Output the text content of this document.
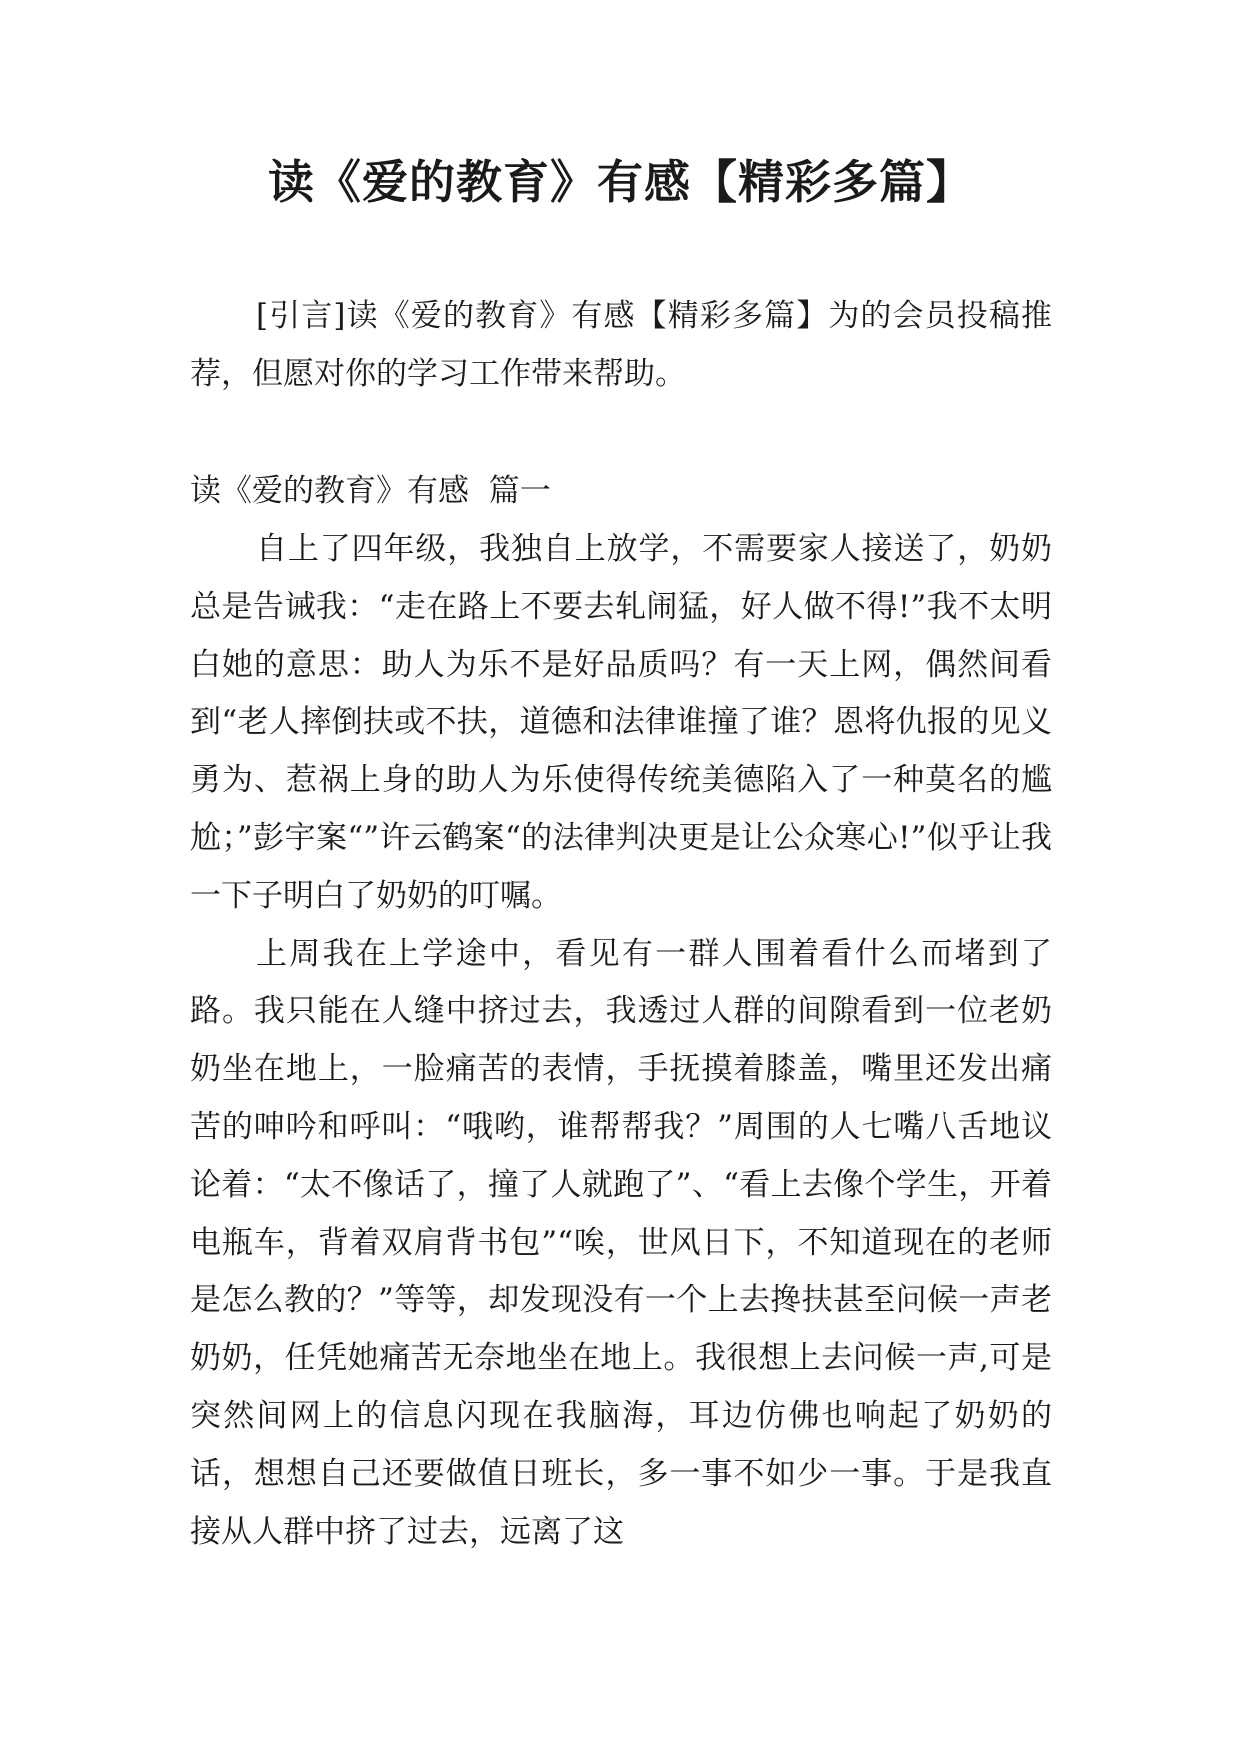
读《爱的教育》有感【精彩多篇】

[引言]读《爱的教育》有感【精彩多篇】为的会员投稿推荐，但愿对你的学习工作带来帮助。

读《爱的教育》有感  篇一

自上了四年级，我独自上放学，不需要家人接送了，奶奶总是告诫我：“走在路上不要去轧闹猛，好人做不得!”我不太明白她的意思：助人为乐不是好品质吗？有一天上网，偶然间看到“老人摔倒扶或不扶，道德和法律谁撞了谁？恩将仇报的见义勇为、惹祸上身的助人为乐使得传统美德陷入了一种莫名的尴尬；”彭宇案“”许云鹤案“的法律判决更是让公众寒心!”似乎让我一下子明白了奶奶的叮嘱。

上周我在上学途中，看见有一群人围着看什么而堵到了路。我只能在人缝中挤过去，我透过人群的间隙看到一位老奶奶坐在地上，一脸痛苦的表情，手抚摸着膝盖，嘴里还发出痛苦的呻吟和呼叫：“哦哟，谁帮帮我？”周围的人七嘴八舌地议论着：“太不像话了，撞了人就跑了”、“看上去像个学生，开着电瓶车，背着双肩背书包”“唉，世风日下，不知道现在的老师是怎么教的？”等等，却发现没有一个上去搀扶甚至问候一声老奶奶，任凭她痛苦无奈地坐在地上。我很想上去问候一声,可是突然间网上的信息闪现在我脑海，耳边仿佛也响起了奶奶的话，想想自己还要做值日班长，多一事不如少一事。于是我直接从人群中挤了过去，远离了这
